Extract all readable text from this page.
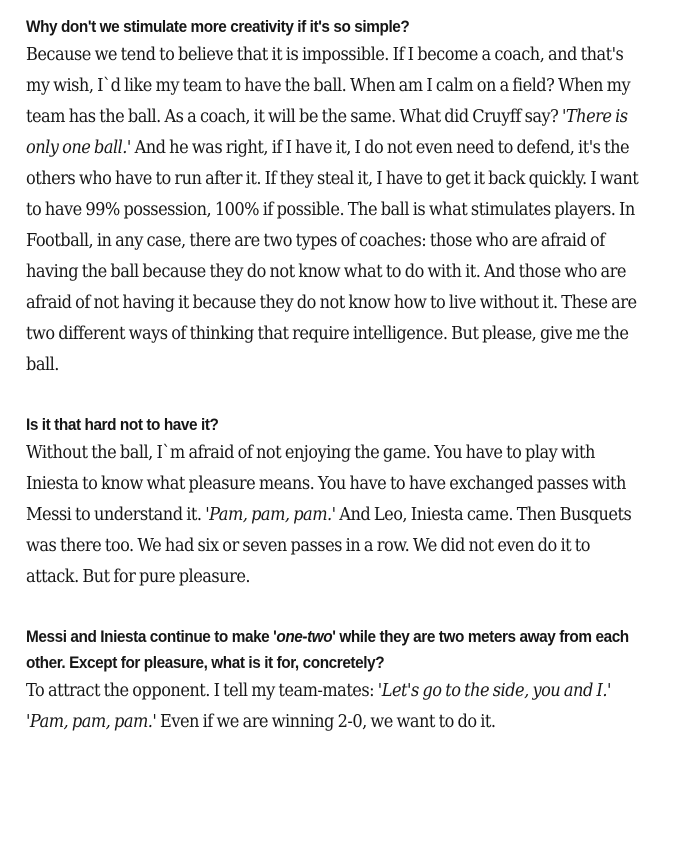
Why don't we stimulate more creativity if it's so simple?

Because we tend to believe that it is impossible. If I become a coach, and that's my wish, I`d like my team to have the ball. When am I calm on a field? When my team has the ball. As a coach, it will be the same. What did Cruyff say? 'There is only one ball.' And he was right, if I have it, I do not even need to defend, it's the others who have to run after it. If they steal it, I have to get it back quickly. I want to have 99% possession, 100% if possible. The ball is what stimulates players. In Football, in any case, there are two types of coaches: those who are afraid of having the ball because they do not know what to do with it. And those who are afraid of not having it because they do not know how to live without it. These are two different ways of thinking that require intelligence. But please, give me the ball.

Is it that hard not to have it?

Without the ball, I`m afraid of not enjoying the game. You have to play with Iniesta to know what pleasure means. You have to have exchanged passes with Messi to understand it. 'Pam, pam, pam.' And Leo, Iniesta came. Then Busquets was there too. We had six or seven passes in a row. We did not even do it to attack. But for pure pleasure.

Messi and Iniesta continue to make 'one-two' while they are two meters away from each other. Except for pleasure, what is it for, concretely?

To attract the opponent. I tell my team-mates: 'Let's go to the side, you and I.' 'Pam, pam, pam.' Even if we are winning 2-0, we want to do it.
